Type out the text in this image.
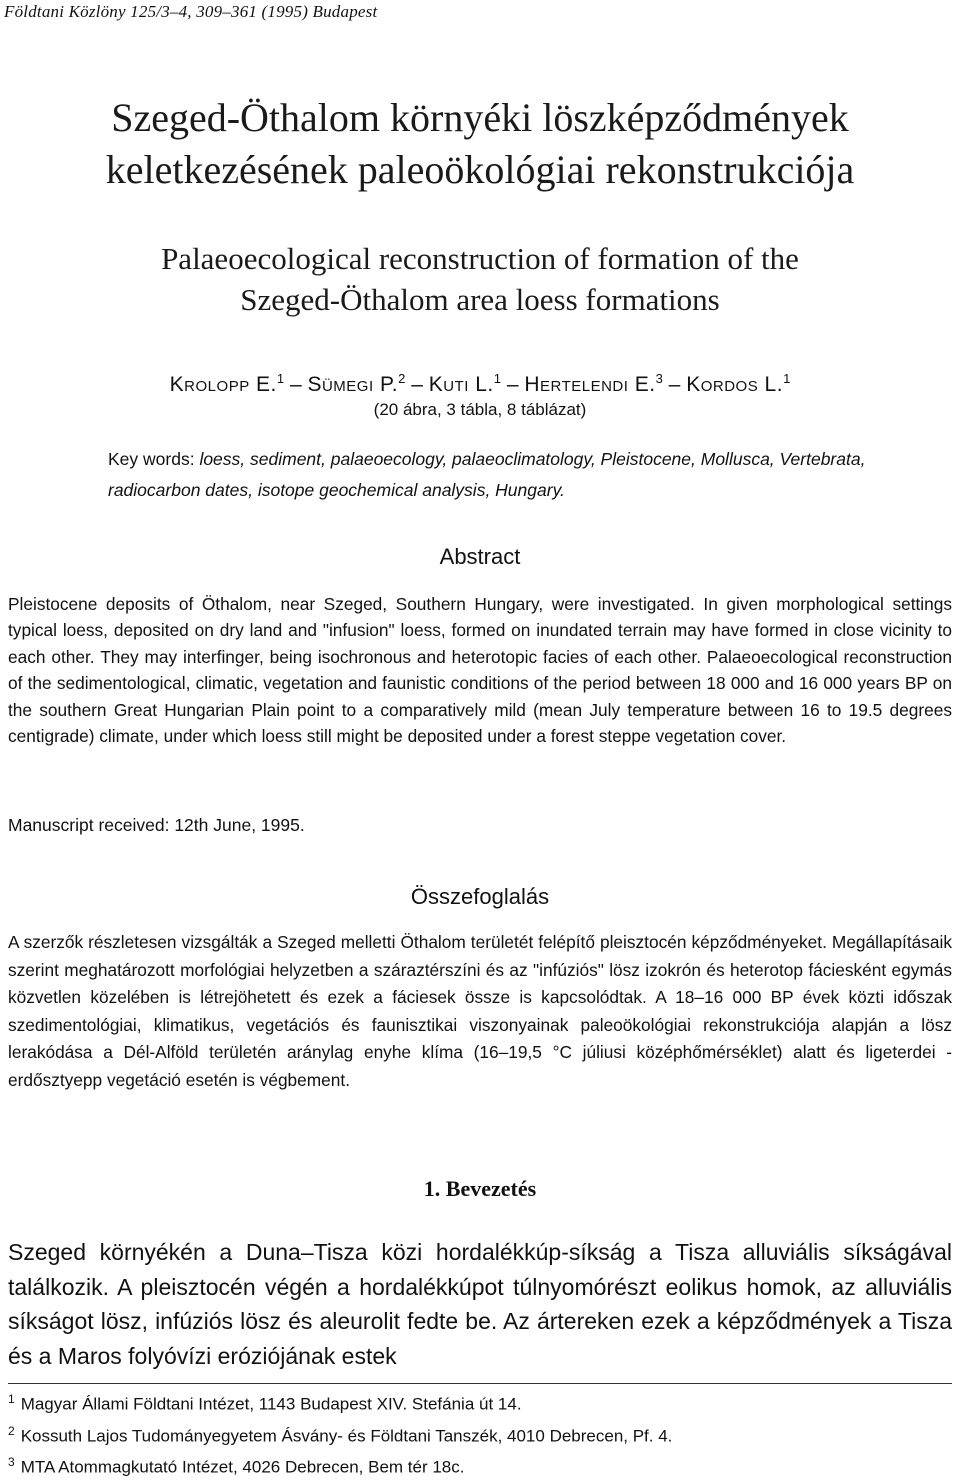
Földtani Közlöny 125/3–4, 309–361 (1995) Budapest
Szeged-Öthalom környéki löszképződmények
keletkezésének paleoökológiai rekonstrukciója
Palaeoecological reconstruction of formation of the
Szeged-Öthalom area loess formations
Krolopp E.$^1$ – Sümegi P.$^2$ – Kuti L.$^1$ – Hertelendi E.$^3$ – Kordos L.$^1$
(20 ábra, 3 tábla, 8 táblázat)
Key words: loess, sediment, palaeoecology, palaeoclimatology, Pleistocene, Mollusca, Vertebrata, radiocarbon dates, isotope geochemical analysis, Hungary.
Abstract
Pleistocene deposits of Öthalom, near Szeged, Southern Hungary, were investigated. In given morphological settings typical loess, deposited on dry land and "infusion" loess, formed on inundated terrain may have formed in close vicinity to each other. They may interfinger, being isochronous and heterotopic facies of each other. Palaeoecological reconstruction of the sedimentological, climatic, vegetation and faunistic conditions of the period between 18 000 and 16 000 years BP on the southern Great Hungarian Plain point to a comparatively mild (mean July temperature between 16 to 19.5 degrees centigrade) climate, under which loess still might be deposited under a forest steppe vegetation cover.
Manuscript received: 12th June, 1995.
Összefoglalás
A szerzők részletesen vizsgálták a Szeged melletti Öthalom területét felépítő pleisztocén képződményeket. Megállapításaik szerint meghatározott morfológiai helyzetben a száraztérszíni és az "infúziós" lösz izokrón és heterotop fáciesként egymás közvetlen közelében is létrejöhetett és ezek a fáciesek össze is kapcsolódtak. A 18–16 000 BP évek közti időszak szedimentológiai, klimatikus, vegetációs és faunisztikai viszonyainak paleoökológiai rekonstrukciója alapján a lösz lerakódása a Dél-Alföld területén aránylag enyhe klíma (16–19,5 °C júliusi középhőmérséklet) alatt és ligeterdei - erdősztyepp vegetáció esetén is végbement.
1. Bevezetés
Szeged környékén a Duna–Tisza közi hordalékkúp-síkság a Tisza alluviális síkságával találkozik. A pleisztocén végén a hordalékkúpot túlnyomórészt eolikus homok, az alluviális síkságot lösz, infúziós lösz és aleurolit fedte be. Az ártereken ezek a képződmények a Tisza és a Maros folyóvízi eróziójának estek
$^1$ Magyar Állami Földtani Intézet, 1143 Budapest XIV. Stefánia út 14.
$^2$ Kossuth Lajos Tudományegyetem Ásvány- és Földtani Tanszék, 4010 Debrecen, Pf. 4.
$^3$ MTA Atommagkutató Intézet, 4026 Debrecen, Bem tér 18c.
